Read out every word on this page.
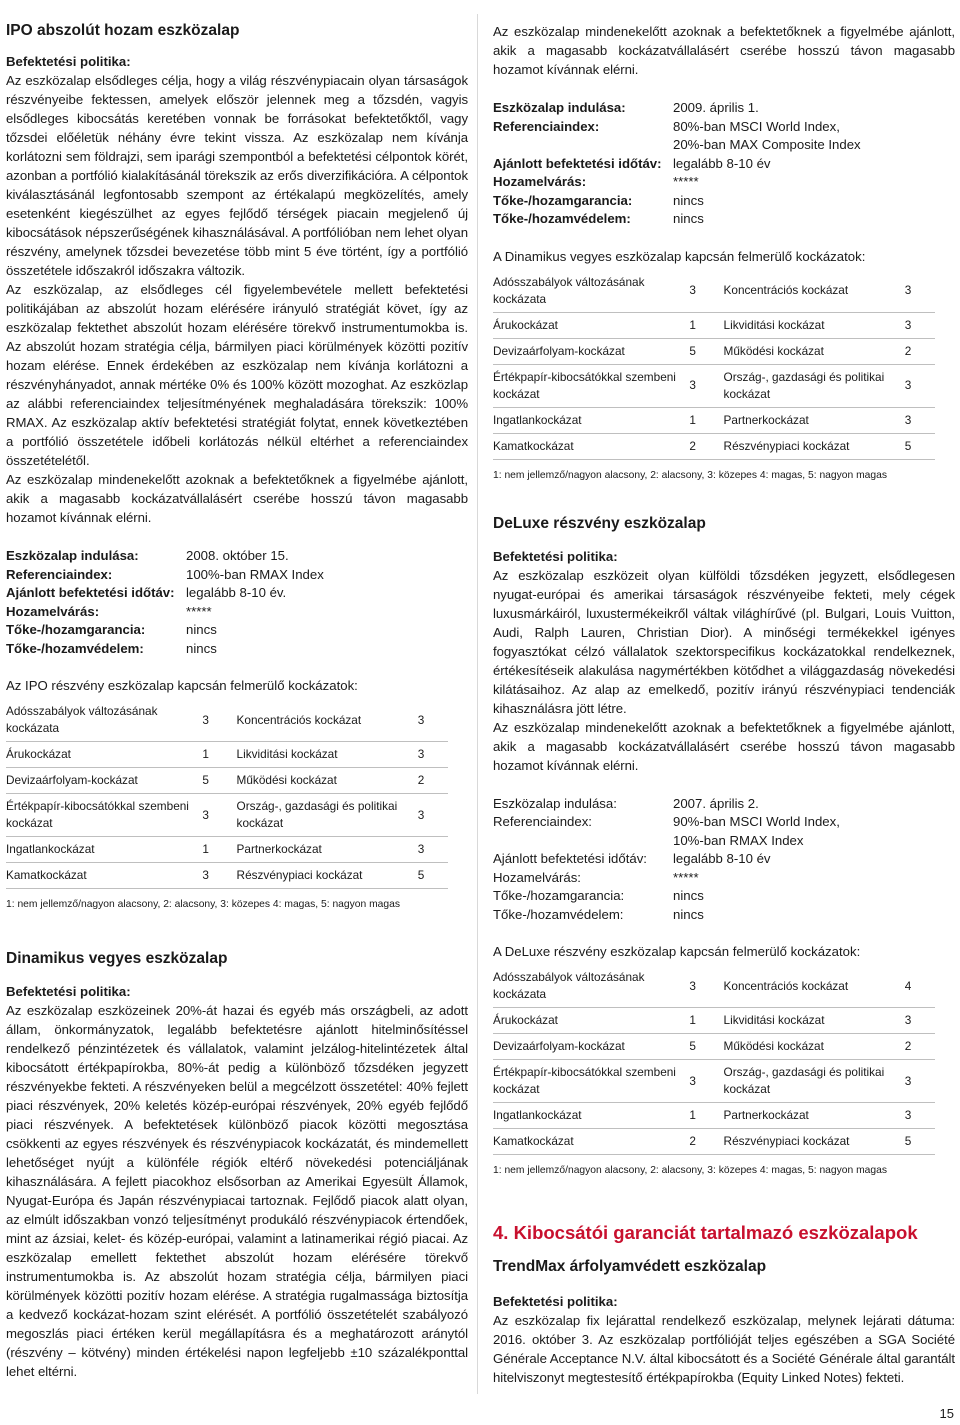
IPO abszolút hozam eszközalap

Befektetési politika:

Az eszközalap elsődleges célja, hogy a világ részvénypiacain olyan társaságok részvényeibe fektessen, amelyek először jelennek meg a tőzsdén, vagyis elsődleges kibocsátás keretében vonnak be forrásokat befektetőktől, vagy tőzsdei előéletük néhány évre tekint vissza. Az eszközalap nem kívánja korlátozni sem földrajzi, sem iparági szempontból a befektetési célpontok körét, azonban a portfólió kialakításánál törekszik az erős diverzifikációra. A célpontok kiválasztásánál legfontosabb szempont az értékalapú megközelítés, amely esetenként kiegészülhet az egyes fejlődő térségek piacain megjelenő új kibocsátások népszerűségének kihasználásával. A portfólióban nem lehet olyan részvény, amelynek tőzsdei bevezetése több mint 5 éve történt, így a portfólió összetétele időszakról időszakra változik.

Az eszközalap, az elsődleges cél figyelembevétele mellett befektetési politikájában az abszolút hozam elérésére irányuló stratégiát követ, így az eszközalap fektethet abszolút hozam elérésére törekvő instrumentumokba is. Az abszolút hozam stratégia célja, bármilyen piaci körülmények közötti pozitív hozam elérése. Ennek érdekében az eszközalap nem kívánja korlátozni a részvényhányadot, annak mértéke 0% és 100% között mozoghat. Az eszközlap az alábbi referenciaindex teljesítményének meghaladására törekszik: 100% RMAX. Az eszközalap aktív befektetési stratégiát folytat, ennek következtében a portfólió összetétele időbeli korlátozás nélkül eltérhet a referenciaindex összetételétől.

Az eszközalap mindenekelőtt azoknak a befektetőknek a figyelmébe ajánlott, akik a magasabb kockázatvállalásért cserébe hosszú távon magasabb hozamot kívánnak elérni.

Eszközalap indulása:	2008. október 15.
Referenciaindex:	100%-ban RMAX Index
Ajánlott befektetési időtáv: legalább 8-10 év.
Hozamelvárás:	*****
Tőke-/hozamgarancia:	nincs
Tőke-/hozamvédelem:	nincs

Az IPO részvény eszközalap kapcsán felmerülő kockázatok:

Adósszabályok változásának kockázata	3	Koncentrációs kockázat	3
Árukockázat	1	Likviditási kockázat	3
Devizaárfolyam-kockázat	5	Működési kockázat	2
Értékpapír-kibocsátókkal szembeni kockázat	3	Ország-, gazdasági és politikai kockázat	3
Ingatlankockázat	1	Partnerkockázat	3
Kamatkockázat	3	Részvénypiaci kockázat	5

1: nem jellemző/nagyon alacsony, 2: alacsony, 3: közepes 4: magas, 5: nagyon magas

Dinamikus vegyes eszközalap

Befektetési politika:

Az eszközalap eszközeinek 20%-át hazai és egyéb más országbeli, az adott állam, önkormányzatok, legalább befektetésre ajánlott hitelminősítéssel rendelkező pénzintézetek és vállalatok, valamint jelzálog-hitelintézetek által kibocsátott értékpapírokba, 80%-át pedig a különböző tőzsdéken jegyzett részvényekbe fekteti. A részvényeken belül a megcélzott összetétel: 40% fejlett piaci részvények, 20% keletés közép-európai részvények, 20% egyéb fejlődő piaci részvények. A befektetések különböző piacok közötti megosztása csökkenti az egyes részvények és részvénypiacok kockázatát, és mindemellett lehetőséget nyújt a különféle régiók eltérő növekedési potenciáljának kihasználására. A fejlett piacokhoz elsősorban az Amerikai Egyesült Államok, Nyugat-Európa és Japán részvénypiacai tartoznak. Fejlődő piacok alatt olyan, az elmúlt időszakban vonzó teljesítményt produkáló részvénypiacok értendőek, mint az ázsiai, kelet- és közép-európai, valamint a latinamerikai régió piacai. Az eszközalap emellett fektethet abszolút hozam elérésére törekvő instrumentumokba is. Az abszolút hozam stratégia célja, bármilyen piaci körülmények közötti pozitív hozam elérése. A stratégia rugalmassága biztosítja a kedvező kockázat-hozam szint elérését. A portfólió összetételét szabályozó megoszlás piaci értéken kerül megállapításra és a meghatározott aránytól (részvény – kötvény) minden értékelési napon legfeljebb ±10 százalékponttal lehet eltérni.

Az eszközalap mindenekelőtt azoknak a befektetőknek a figyelmébe ajánlott, akik a magasabb kockázatvállalásért cserébe hosszú távon magasabb hozamot kívánnak elérni.

Eszközalap indulása:	2009. április 1.
Referenciaindex:	80%-ban MSCI World Index,
20%-ban MAX Composite Index
Ajánlott befektetési időtáv: legalább 8-10 év
Hozamelvárás:	*****
Tőke-/hozamgarancia:	nincs
Tőke-/hozamvédelem:	nincs

A Dinamikus vegyes eszközalap kapcsán felmerülő kockázatok:

Adósszabályok változásának kockázata	3	Koncentrációs kockázat	3
Árukockázat	1	Likviditási kockázat	3
Devizaárfolyam-kockázat	5	Működési kockázat	2
Értékpapír-kibocsátókkal szembeni kockázat	3	Ország-, gazdasági és politikai kockázat	3
Ingatlankockázat	1	Partnerkockázat	3
Kamatkockázat	2	Részvénypiaci kockázat	5

1: nem jellemző/nagyon alacsony, 2: alacsony, 3: közepes 4: magas, 5: nagyon magas

DeLuxe részvény eszközalap

Befektetési politika:

Az eszközalap eszközeit olyan külföldi tőzsdéken jegyzett, elsődlegesen nyugat-európai és amerikai társaságok részvényeibe fekteti, mely cégek luxusmárkáiról, luxustermékeikről váltak világhírűvé (pl. Bulgari, Louis Vuitton, Audi, Ralph Lauren, Christian Dior). A minőségi termékekkel igényes fogyasztókat célzó vállalatok szektorspecifikus kockázatokkal rendelkeznek, értékesítéseik alakulása nagymértékben kötődhet a világgazdaság növekedési kilátásaihoz. Az alap az emelkedő, pozitív irányú részvénypiaci tendenciák kihasználásra jött létre.

Az eszközalap mindenekelőtt azoknak a befektetőknek a figyelmébe ajánlott, akik a magasabb kockázatvállalásért cserébe hosszú távon magasabb hozamot kívánnak elérni.

Eszközalap indulása:	2007. április 2.
Referenciaindex:	90%-ban MSCI World Index,
10%-ban RMAX Index
Ajánlott befektetési időtáv:	legalább 8-10 év
Hozamelvárás:	*****
Tőke-/hozamgarancia:	nincs
Tőke-/hozamvédelem:	nincs

A DeLuxe részvény eszközalap kapcsán felmerülő kockázatok:

Adósszabályok változásának kockázata	3	Koncentrációs kockázat	4
Árukockázat	1	Likviditási kockázat	3
Devizaárfolyam-kockázat	5	Működési kockázat	2
Értékpapír-kibocsátókkal szembeni kockázat	3	Ország-, gazdasági és politikai kockázat	3
Ingatlankockázat	1	Partnerkockázat	3
Kamatkockázat	2	Részvénypiaci kockázat	5

1: nem jellemző/nagyon alacsony, 2: alacsony, 3: közepes 4: magas, 5: nagyon magas

4. Kibocsátói garanciát tartalmazó eszközalapok

TrendMax árfolyamvédett eszközalap

Befektetési politika:

Az eszközalap fix lejárattal rendelkező eszközalap, melynek lejárati dátuma: 2016. október 3. Az eszközalap portfólióját teljes egészében a SGA Société Générale Acceptance N.V. által kibocsátott és a Société Générale által garantált hitelviszonyt megtestesítő értékpapírokba (Equity Linked Notes) fekteti.

15
